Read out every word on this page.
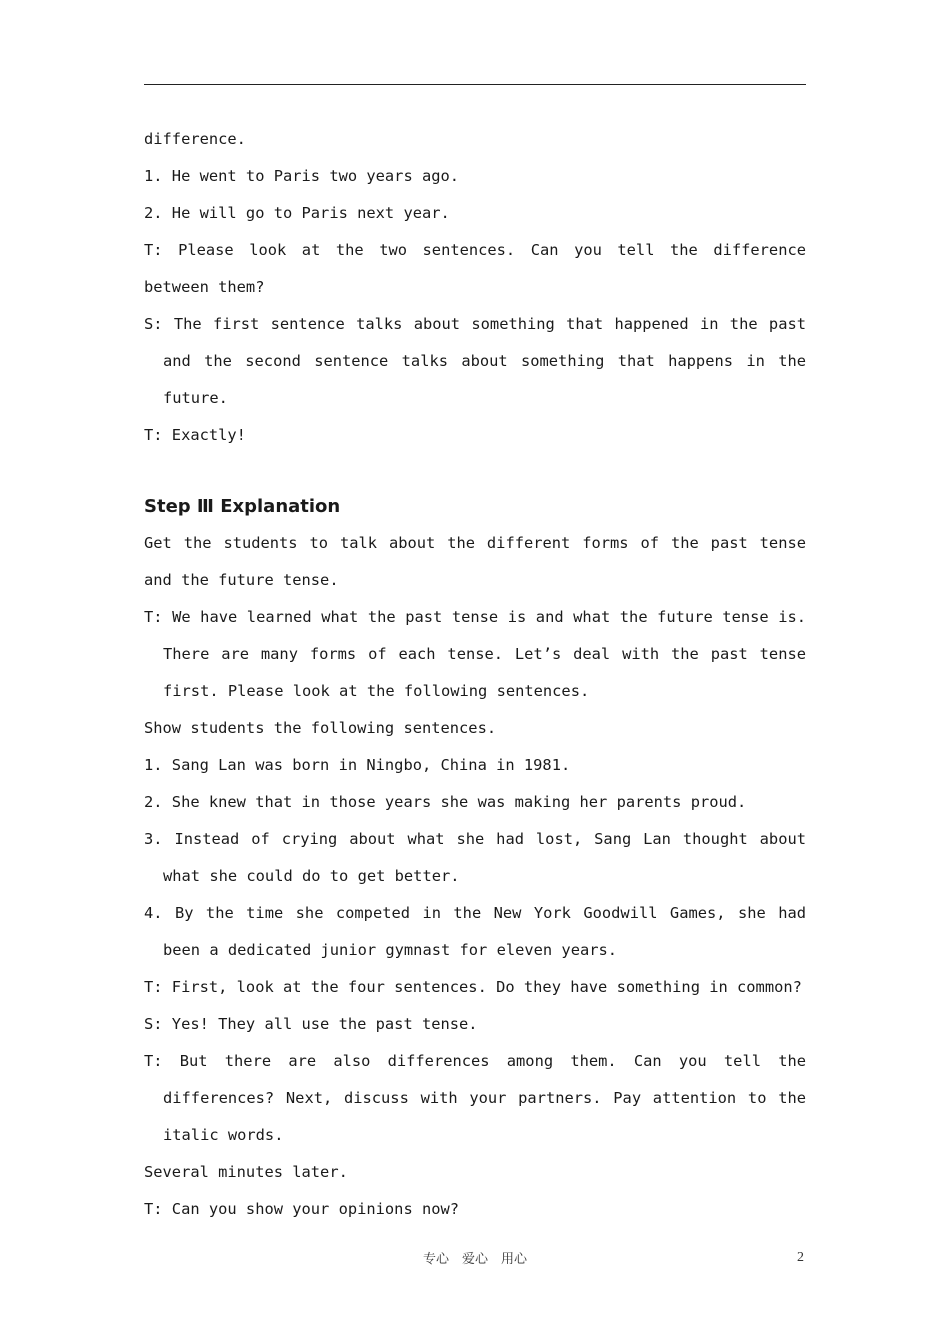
difference.

1. He went to Paris two years ago.

2. He will go to Paris next year.

T: Please look at the two sentences. Can you tell the difference between them?

S: The first sentence talks about something that happened in the past and the second sentence talks about something that happens in the future.

T: Exactly!

Step Ⅲ Explanation

Get the students to talk about the different forms of the past tense and the future tense.

T: We have learned what the past tense is and what the future tense is. There are many forms of each tense. Let’s deal with the past tense first. Please look at the following sentences.

Show students the following sentences.

1. Sang Lan was born in Ningbo, China in 1981.

2. She knew that in those years she was making her parents proud.

3. Instead of crying about what she had lost, Sang Lan thought about what she could do to get better.

4. By the time she competed in the New York Goodwill Games, she had been a dedicated junior gymnast for eleven years.

T: First, look at the four sentences. Do they have something in common?

S: Yes! They all use the past tense.

T: But there are also differences among them. Can you tell the differences? Next, discuss with your partners. Pay attention to the italic words.

Several minutes later.

T: Can you show your opinions now?

专心　爱心　用心	2
